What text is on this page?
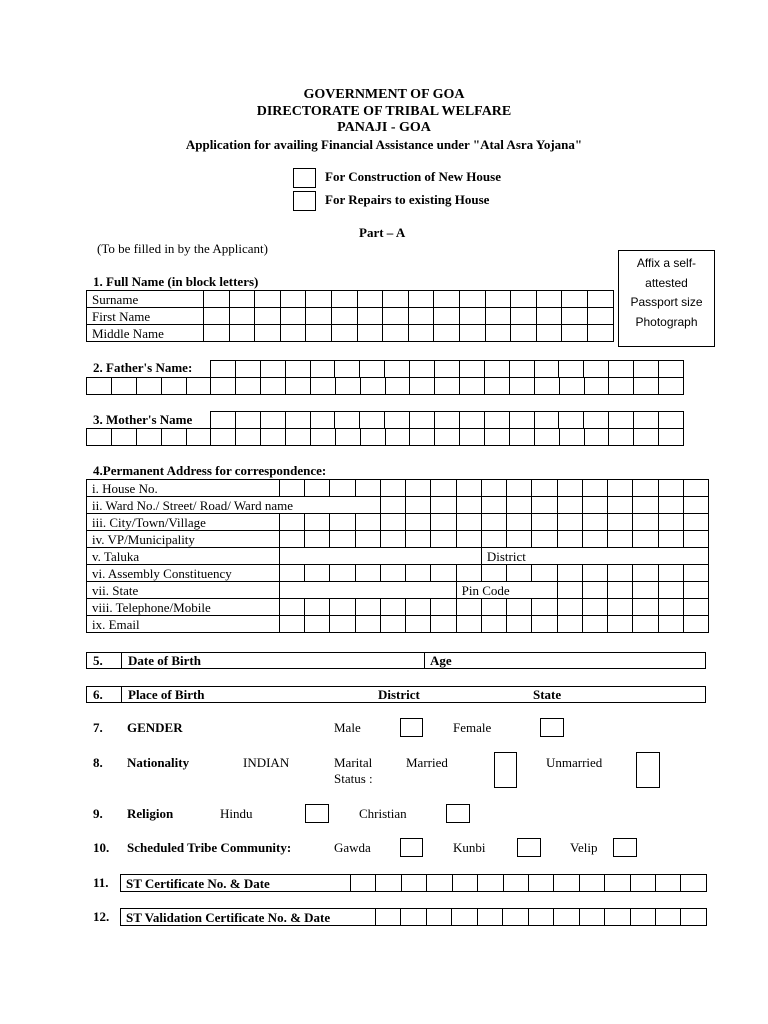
GOVERNMENT OF GOA
DIRECTORATE OF TRIBAL WELFARE
PANAJI - GOA
Application for availing Financial Assistance under "Atal Asra Yojana"
For Construction of New House
For Repairs to existing House
Part – A
(To be filled in by the Applicant)
Affix a self-
attested
Passport size
Photograph
1. Full Name (in block letters)
Surname																
First Name																
Middle Name																
2. Father's Name:

3. Mother's Name

4.Permanent Address for correspondence:
i. House No.																	
ii. Ward No./ Street/ Road/ Ward name																	
iii. City/Town/Village																	
iv. VP/Municipality																	
v. Taluka									District								
vi. Assembly Constituency																	
vii. State								Pin Code									
viii. Telephone/Mobile																	
ix. Email																	
5. Date of Birth	Age
6. Place of Birth	District	State
7. GENDER	Male	Female
8. Nationality	INDIAN	Marital
Status :
Married	Unmarried
9. Religion	Hindu	Christian
10. Scheduled Tribe Community:	Gawda	Kunbi	Velip
11. ST Certificate No. & Date														
12. ST Validation Certificate No. & Date													
